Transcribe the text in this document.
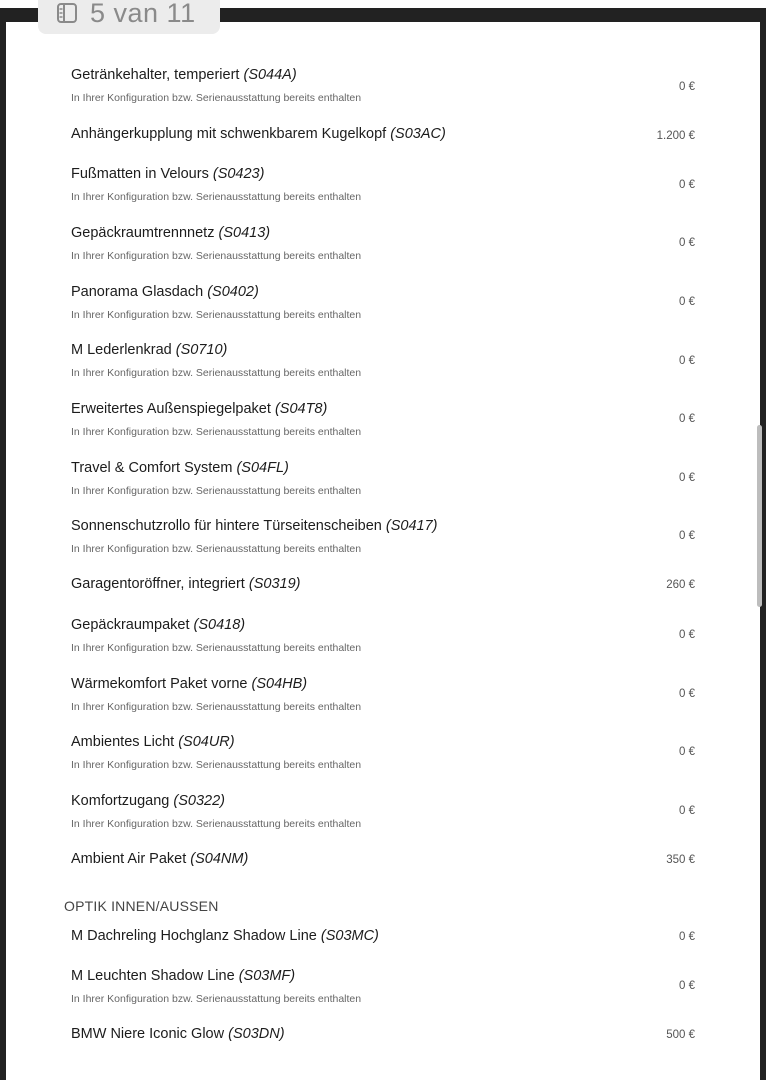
5 van 11
Getränkehalter, temperiert (S044A)
In Ihrer Konfiguration bzw. Serienausstattung bereits enthalten
0 €
Anhängerkupplung mit schwenkbarem Kugelkopf (S03AC)	1.200 €
Fußmatten in Velours (S0423)
In Ihrer Konfiguration bzw. Serienausstattung bereits enthalten
0 €
Gepäckraumtrennnetz (S0413)
In Ihrer Konfiguration bzw. Serienausstattung bereits enthalten
0 €
Panorama Glasdach (S0402)
In Ihrer Konfiguration bzw. Serienausstattung bereits enthalten
0 €
M Lederlenkrad (S0710)
In Ihrer Konfiguration bzw. Serienausstattung bereits enthalten
0 €
Erweitertes Außenspiegelpaket (S04T8)
In Ihrer Konfiguration bzw. Serienausstattung bereits enthalten
0 €
Travel & Comfort System (S04FL)
In Ihrer Konfiguration bzw. Serienausstattung bereits enthalten
0 €
Sonnenschutzrollo für hintere Türseitenscheiben (S0417)
In Ihrer Konfiguration bzw. Serienausstattung bereits enthalten
0 €
Garagentoröffner, integriert (S0319)	260 €
Gepäckraumpaket (S0418)
In Ihrer Konfiguration bzw. Serienausstattung bereits enthalten
0 €
Wärmekomfort Paket vorne (S04HB)
In Ihrer Konfiguration bzw. Serienausstattung bereits enthalten
0 €
Ambientes Licht (S04UR)
In Ihrer Konfiguration bzw. Serienausstattung bereits enthalten
0 €
Komfortzugang (S0322)
In Ihrer Konfiguration bzw. Serienausstattung bereits enthalten
0 €
Ambient Air Paket (S04NM)	350 €
OPTIK INNEN/AUSSEN
M Dachreling Hochglanz Shadow Line (S03MC)	0 €
M Leuchten Shadow Line (S03MF)
In Ihrer Konfiguration bzw. Serienausstattung bereits enthalten
0 €
BMW Niere Iconic Glow (S03DN)	500 €
